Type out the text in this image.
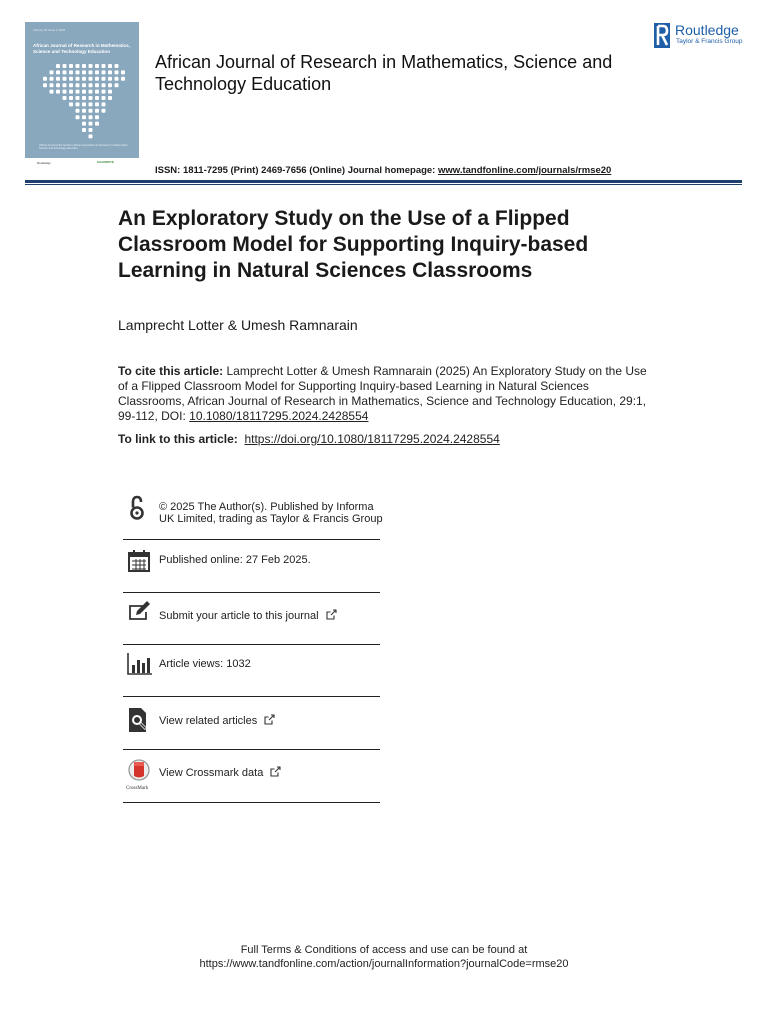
Volume 29 Issue 1 2025
African Journal of Research in Mathematics, Science and Technology Education
Official Journal of the Southern African Association for Research in Mathematics, Science and Technology Education
Routledge	SAARMSTE
African Journal of Research in Mathematics, Science and Technology Education
ISSN: 1811-7295 (Print) 2469-7656 (Online) Journal homepage: www.tandfonline.com/journals/rmse20
Routledge
Taylor & Francis Group
An Exploratory Study on the Use of a Flipped Classroom Model for Supporting Inquiry-based Learning in Natural Sciences Classrooms
Lamprecht Lotter & Umesh Ramnarain
To cite this article: Lamprecht Lotter & Umesh Ramnarain (2025) An Exploratory Study on the Use of a Flipped Classroom Model for Supporting Inquiry-based Learning in Natural Sciences Classrooms, African Journal of Research in Mathematics, Science and Technology Education, 29:1, 99-112, DOI: 10.1080/18117295.2024.2428554
To link to this article: https://doi.org/10.1080/18117295.2024.2428554
© 2025 The Author(s). Published by Informa UK Limited, trading as Taylor & Francis Group
Published online: 27 Feb 2025.
Submit your article to this journal
Article views: 1032
View related articles
CrossMark
View Crossmark data
Full Terms & Conditions of access and use can be found at
https://www.tandfonline.com/action/journalInformation?journalCode=rmse20
